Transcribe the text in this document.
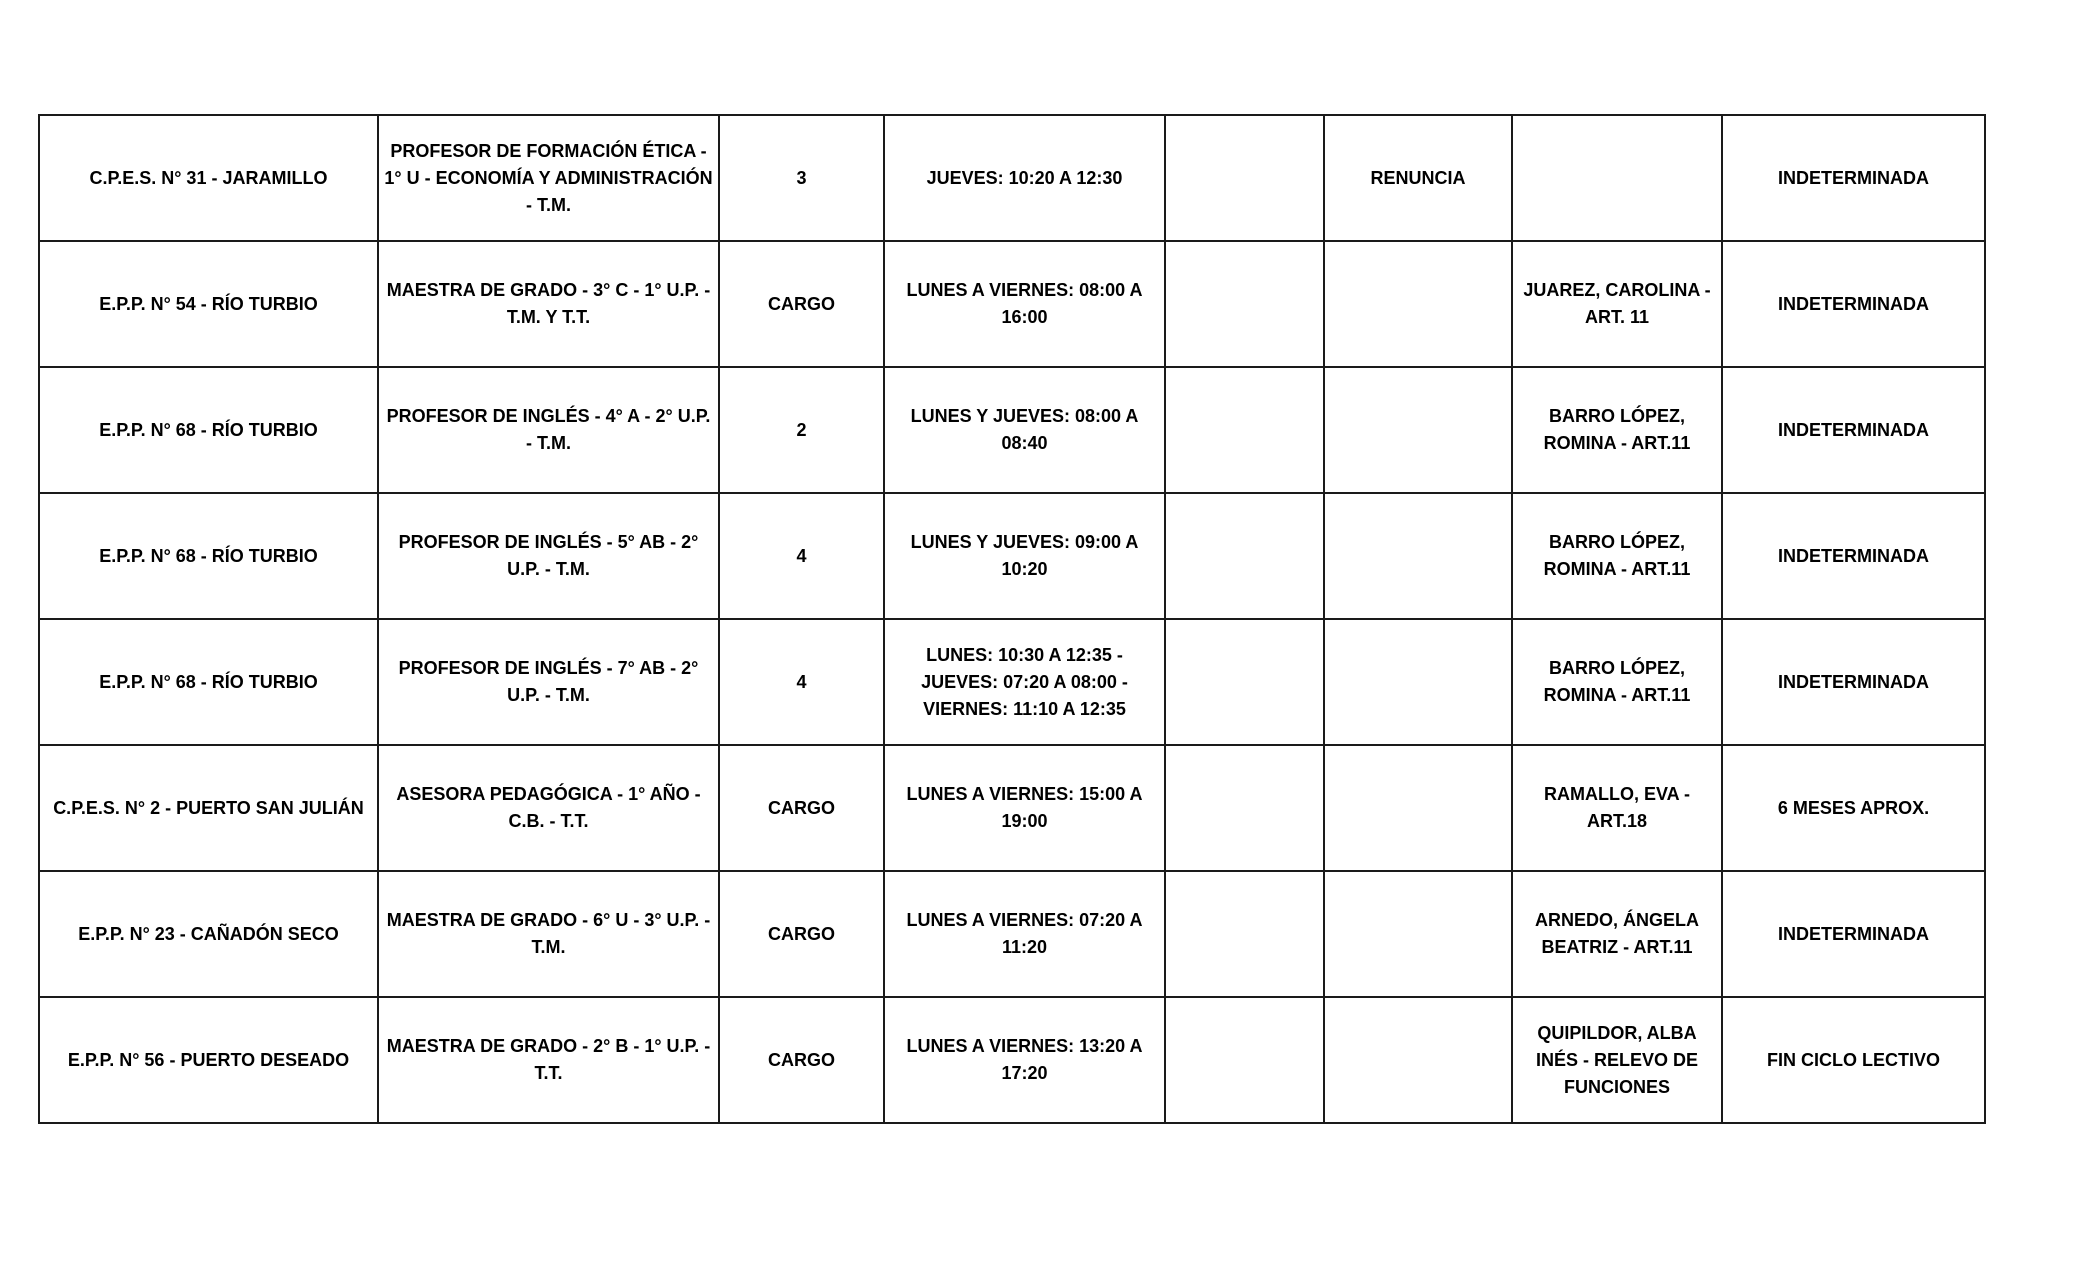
C.P.E.S. N° 31 - JARAMILLO	PROFESOR DE FORMACIÓN ÉTICA - 1° U - ECONOMÍA Y ADMINISTRACIÓN - T.M.	3	JUEVES: 10:20 A 12:30		RENUNCIA		INDETERMINADA
E.P.P. N° 54 - RÍO TURBIO	MAESTRA DE GRADO - 3° C - 1° U.P. - T.M. Y T.T.	CARGO	LUNES A VIERNES: 08:00 A 16:00			JUAREZ, CAROLINA - ART. 11	INDETERMINADA
E.P.P. N° 68 - RÍO TURBIO	PROFESOR DE INGLÉS - 4° A - 2° U.P. - T.M.	2	LUNES Y JUEVES: 08:00 A 08:40			BARRO LÓPEZ, ROMINA - ART.11	INDETERMINADA
E.P.P. N° 68 - RÍO TURBIO	PROFESOR DE INGLÉS - 5° AB - 2° U.P. - T.M.	4	LUNES Y JUEVES: 09:00 A 10:20			BARRO LÓPEZ, ROMINA - ART.11	INDETERMINADA
E.P.P. N° 68 - RÍO TURBIO	PROFESOR DE INGLÉS - 7° AB - 2° U.P. - T.M.	4	LUNES: 10:30 A 12:35 - JUEVES: 07:20 A 08:00 - VIERNES: 11:10 A 12:35			BARRO LÓPEZ, ROMINA - ART.11	INDETERMINADA
C.P.E.S. N° 2 - PUERTO SAN JULIÁN	ASESORA PEDAGÓGICA - 1° AÑO - C.B. - T.T.	CARGO	LUNES A VIERNES: 15:00 A 19:00			RAMALLO, EVA - ART.18	6 MESES APROX.
E.P.P. N° 23 - CAÑADÓN SECO	MAESTRA DE GRADO - 6° U - 3° U.P. - T.M.	CARGO	LUNES A VIERNES: 07:20 A 11:20			ARNEDO, ÁNGELA BEATRIZ - ART.11	INDETERMINADA
E.P.P. N° 56 - PUERTO DESEADO	MAESTRA DE GRADO - 2° B - 1° U.P. - T.T.	CARGO	LUNES A VIERNES: 13:20 A 17:20			QUIPILDOR, ALBA INÉS - RELEVO DE FUNCIONES	FIN CICLO LECTIVO
